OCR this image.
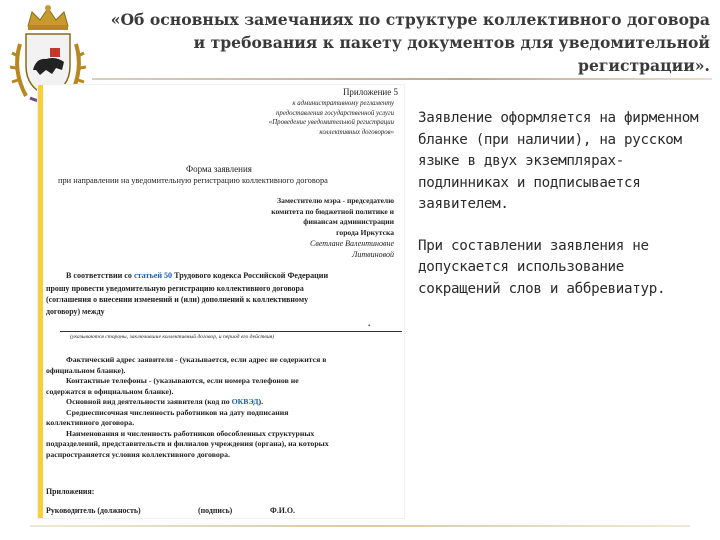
«Об основных замечаниях по структуре коллективного договора и требования к пакету документов для уведомительной регистрации».
Приложение 5
к административному регламенту
предоставления государственной услуги
«Проведение уведомительной регистрации
коллективных договоров»
Форма заявления
при направлении на уведомительную регистрацию коллективного договора
Заместителю мэра - председателю
комитета по бюджетной политике и
финансам администрации
города Иркутска
Светлане Валентиновне
Литвиновой
В соответствии со статьей 50 Трудового кодекса Российской Федерации
прошу провести уведомительную регистрацию коллективного договора
(соглашения о внесении изменений и (или) дополнений к коллективному
договору) между
.
(указываются стороны, заключившие коллективный договор, и период его действия)
Фактический адрес заявителя - (указывается, если адрес не содержится в
официальном бланке).
Контактные телефоны - (указываются, если номера телефонов не
содержатся в официальном бланке).
Основной вид деятельности заявителя (код по ОКВЭД).
Среднесписочная численность работников на дату подписания
коллективного договора.
Наименования и численность работников обособленных структурных
подразделений, представительств и филиалов учреждения (органа), на которых
распространяется условия коллективного договора.
Приложения:
Руководитель (должность)	(подпись)	Ф.И.О.

Заявление оформляется на фирменном бланке (при наличии), на русском языке в двух экземплярах-подлинниках и подписывается заявителем.

При составлении заявления не допускается использование сокращений слов и аббревиатур.
